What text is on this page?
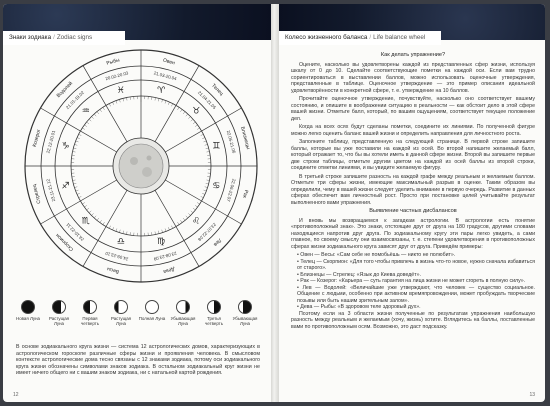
Знаки зодиака / Zodiac signs
Овен
21.03-20.04
♈	Телец
21.04-21.05
♉
Близнецы
22.05-21.06
♊
Рак
22.06-22.07
♋
Лев
23.07-22.08
♌
Дева
23.08-23.09
♍
Весы
24.09-23.10
♎
Скорпион
24.10-22.11
♏
Стрелец 23.11-21.12 ♐
Козерог 22.12-20.01 ♑
Водолей
21.01-19.02
♒
Рыбы
20.02-20.03
♓
Новая Луна	Растущая Луна
Первая четверть
Растущая Луна
Полная Луна	Убывающая Луна
Третья четверть
Убывающая Луна
В основе зодиакального круга жизни — система 12 астрологических домов, характеризующих в астрологическом гороскопе различные сферы жизни и проявления человека. В смысловом контексте астрологические дома тесно связаны с 12 знаками зодиака, потому оси зодиакального круга жизни обозначены символами знаков зодиака. В остальном зодиакальный круг жизни не имеет ничего общего ни с вашим знаком зодиака, ни с натальной картой рождения.
12
Колесо жизненного баланса / Life balance wheel

Как делать упражнение?

Оцените, насколько вы удовлетворены каждой из представленных сфер жизни, используя шкалу от 0 до 10. Сделайте соответствующие пометки на каждой оси. Если вам трудно сориентироваться в выставлении баллов, можно использовать оценочные утверждения, представленные в таблице. Оценочное утверждение — это пример описания идеальной удовлетворённости в конкретной сфере, т. е. утверждение на 10 баллов.

Прочитайте оценочное утверждение, почувствуйте, насколько оно соответствует вашему состоянию, и опишите в воображении ситуацию в реальности — как обстоит дело в этой сфере вашей жизни. Отметьте балл, который, по вашим ощущениям, соответствует текущее положение дел.

Когда на всех осях будут сделаны пометки, соедините их линиями. По полученной фигуре можно легко оценить баланс вашей жизни и определить направления для личностного роста.

Заполните таблицу, представленную на следующей странице. В первой строке запишите баллы, которые вы уже поставили на каждой из осей. Во второй напишите желаемый балл, который отражает то, что бы вы хотели иметь в данной сфере жизни. Второй вы запишите первые две строки таблицы, отметьте другим цветом на каждой из осей баллы из второй строки, соедините отметки линиями, и вы увидите желаемую фигуру.

В третьей строке запишите разность на каждой графе между реальным и желаемым баллом. Отметьте три сферы жизни, имеющие максимальный разрыв в оценке. Таким образом вы определили, чему в вашей жизни следует уделить внимание в первую очередь. Развитие в данных сферах обеспечит вам личностный рост. Просто при постановке целей учитывайте результат выполненного вами упражнения.

Выявление частных дисбалансов

И вновь мы возвращаемся к загадкам астрологии. В астрологии есть понятие «противоположный знак». Это знаки, отстоящие друг от друга на 180 градусов, другими словами находящиеся напротив друг друга. По зодиакальному кругу эти пары легко увидеть, а сами главное, по своему смыслу они взаимосвязаны, т. е. степени удовлетворения в противоположных сферах жизни зодиакального круга зависят друг от друга. Приведём примеры:

• Овен — Весы: «Сам себе не помобьёшь — никто не полюбит».

• Телец — Скорпион: «Для того чтобы привлечь в жизнь что-то новое, нужно сначала избавиться от старого».

• Близнецы — Стрелец: «Язык до Киева доведёт».

• Рак — Козерог: «Карьера — суть гарантия на лица жизни не может сгореть в полную силу».

• Лев — Водолей: «Величайшие уже утверждают, что человек — существо социальное. Общение с людьми, особенно при активном времяпровождении, может пробуждать творческие позывы или быть нашим зрительным залом».

• Дева — Рыбы: «В здоровом теле здоровый дух».

Поэтому если на 3 области жизни полученные по результатам упражнения наибольшую разность между реальным и желаемым (хочу, жизнь) хотите. Вглядитесь на баллы, поставленные вами по противоположным осям. Возможно, это даст подсказку.

13
